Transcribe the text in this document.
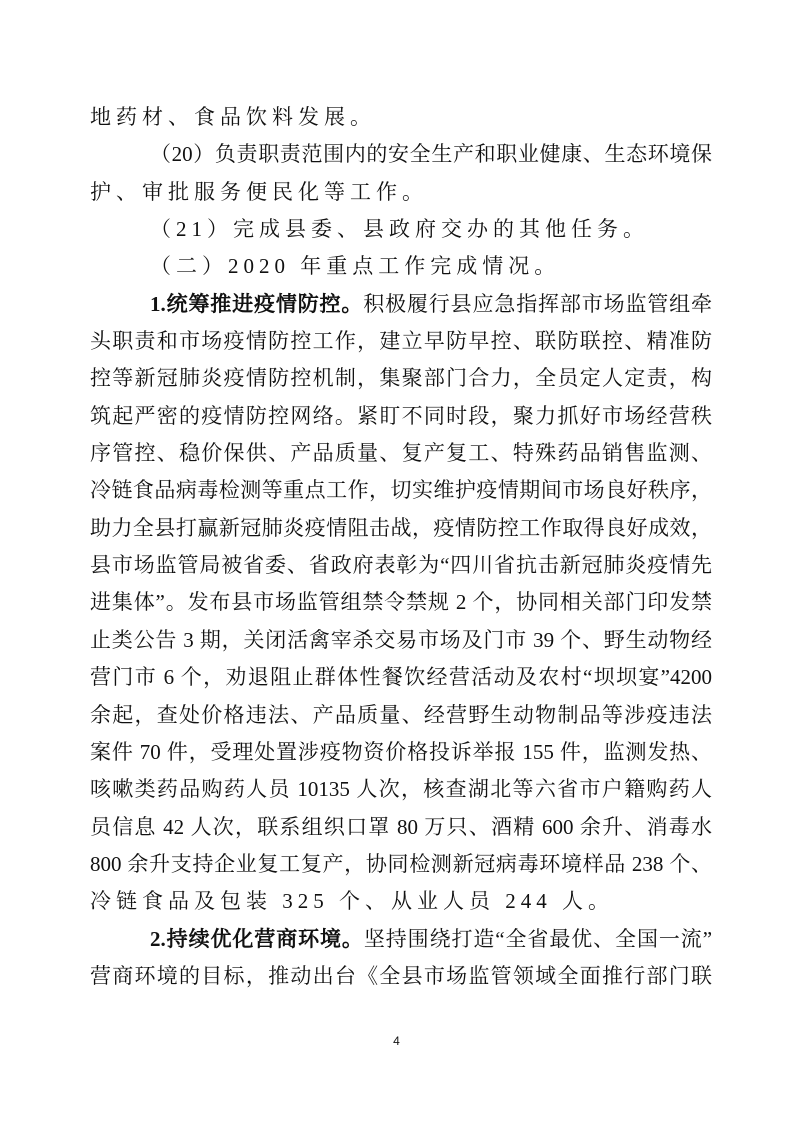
地药材、食品饮料发展。
（20）负责职责范围内的安全生产和职业健康、生态环境保
护、审批服务便民化等工作。
（21）完成县委、县政府交办的其他任务。
（二）2020 年重点工作完成情况。
1.统筹推进疫情防控。积极履行县应急指挥部市场监管组牵
头职责和市场疫情防控工作，建立早防早控、联防联控、精准防
控等新冠肺炎疫情防控机制，集聚部门合力，全员定人定责，构
筑起严密的疫情防控网络。紧盯不同时段，聚力抓好市场经营秩
序管控、稳价保供、产品质量、复产复工、特殊药品销售监测、
冷链食品病毒检测等重点工作，切实维护疫情期间市场良好秩序，
助力全县打赢新冠肺炎疫情阻击战，疫情防控工作取得良好成效，
县市场监管局被省委、省政府表彰为“四川省抗击新冠肺炎疫情先
进集体”。发布县市场监管组禁令禁规 2 个，协同相关部门印发禁
止类公告 3 期，关闭活禽宰杀交易市场及门市 39 个、野生动物经
营门市 6 个，劝退阻止群体性餐饮经营活动及农村“坝坝宴”4200
余起，查处价格违法、产品质量、经营野生动物制品等涉疫违法
案件 70 件，受理处置涉疫物资价格投诉举报 155 件，监测发热、
咳嗽类药品购药人员 10135 人次，核查湖北等六省市户籍购药人
员信息 42 人次，联系组织口罩 80 万只、酒精 600 余升、消毒水
800 余升支持企业复工复产，协同检测新冠病毒环境样品 238 个、
冷链食品及包装 325 个、从业人员 244 人。
2.持续优化营商环境。坚持围绕打造“全省最优、全国一流”
营商环境的目标，推动出台《全县市场监管领域全面推行部门联
4
